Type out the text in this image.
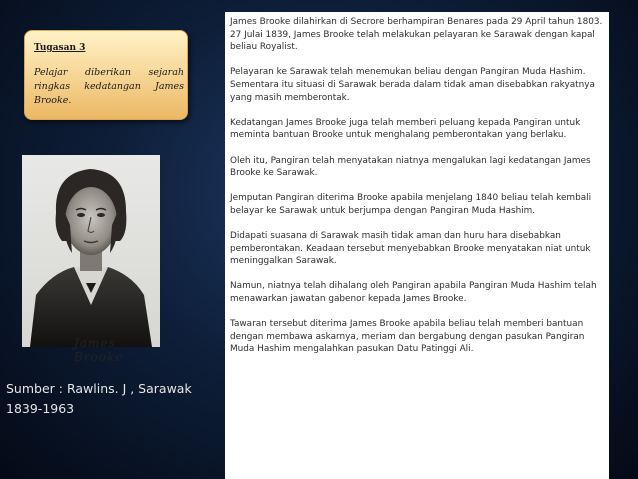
Tugasan 3
Pelajar diberikan sejarah ringkas kedatangan James Brooke.
James Brooke
Sumber : Rawlins. J , Sarawak 1839-1963

James Brooke dilahirkan di Secrore berhampiran Benares pada 29 April tahun 1803.

27 Julai 1839, James Brooke telah melakukan pelayaran ke Sarawak dengan kapal beliau Royalist.

Pelayaran ke Sarawak telah menemukan beliau dengan Pangiran Muda Hashim. Sementara itu situasi di Sarawak berada dalam tidak aman disebabkan rakyatnya yang masih memberontak.

Kedatangan James Brooke juga telah memberi peluang kepada Pangiran untuk meminta bantuan Brooke untuk menghalang pemberontakan yang berlaku.

Oleh itu, Pangiran telah menyatakan niatnya mengalukan lagi kedatangan James Brooke ke Sarawak.

Jemputan Pangiran diterima Brooke apabila menjelang 1840 beliau telah kembali belayar ke Sarawak untuk berjumpa dengan Pangiran Muda Hashim.

Didapati suasana di Sarawak masih tidak aman dan huru hara disebabkan pemberontakan. Keadaan tersebut menyebabkan Brooke menyatakan niat untuk meninggalkan Sarawak.

Namun, niatnya telah dihalang oleh Pangiran apabila Pangiran Muda Hashim telah menawarkan jawatan gabenor kepada James Brooke.

Tawaran tersebut diterima James Brooke apabila beliau telah memberi bantuan dengan membawa askarnya, meriam dan bergabung dengan pasukan Pangiran Muda Hashim mengalahkan pasukan Datu Patinggi Ali.
